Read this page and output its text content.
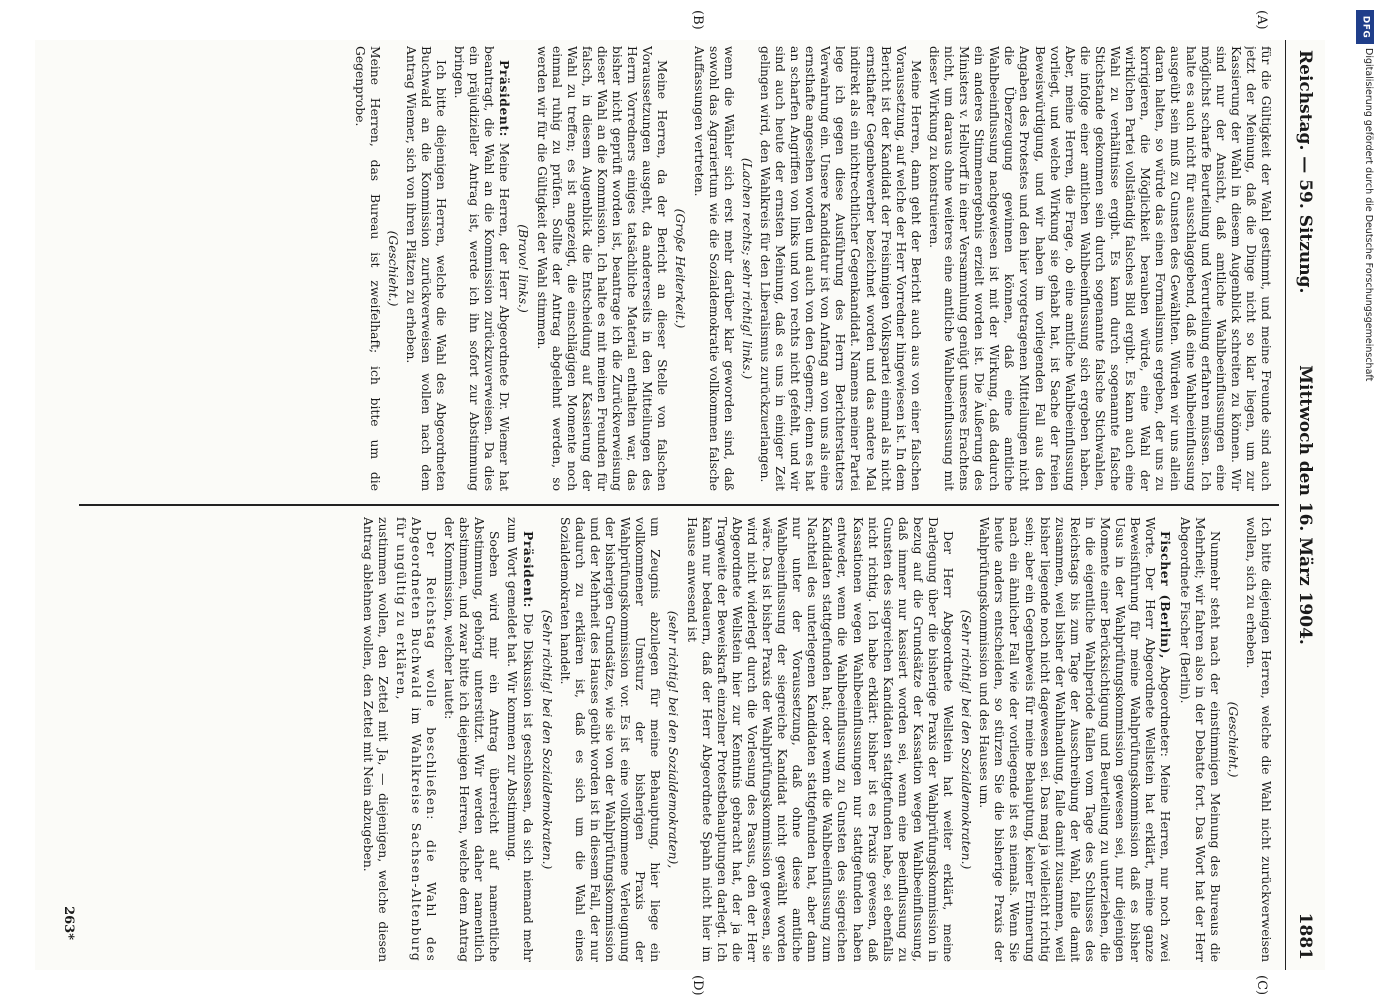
Reichstag. — 59. Sitzung.
Mittwoch den 16. März 1904.
1881
(A)
(B)
(C)
(D)

für die Gültigkeit der Wahl gestimmt, und meine Freunde sind auch jetzt der Meinung, daß die Dinge nicht so klar liegen, um zur Kassierung der Wahl in diesem Augenblick schreiten zu können. Wir sind nur der Ansicht, daß amtliche Wahlbeeinflussungen eine möglichst scharfe Beurteilung und Verurteilung erfahren müssen. Ich halte es auch nicht für ausschlaggebend, daß eine Wahlbeeinflussung ausgeübt sein muß zu Gunsten des Gewählten. Würden wir uns allein daran halten, so würde das einen Formalismus ergeben, der uns zu korrigieren, die Möglichkeit berauben würde, eine Wahl der wirklichen Partei vollständig falsches Bild ergibt. Es kann auch eine Wahl zu verhältnisse ergibt. Es kann durch sogenannte falsche Stichstande gekommen sein durch sogenannte falsche Stichwahlen, die infolge einer amtlichen Wahlbeeinflussung sich ergeben haben. Aber, meine Herren, die Frage, ob eine amtliche Wahlbeeinflussung vorliegt, und welche Wirkung sie gehabt hat, ist Sache der freien Beweiswürdigung, und wir haben im vorliegenden Fall aus den Angaben des Protestes und den hier vorgetragenen Mitteilungen nicht die Überzeugung gewinnen können, daß eine amtliche Wahlbeeinflussung nachgewiesen ist mit der Wirkung, daß dadurch ein anderes Stimmenergebnis erzielt worden ist. Die Äußerung des Ministers v. Hellvorff in einer Versammlung genügt unseres Erachtens nicht, um daraus ohne weiteres eine amtliche Wahlbeeinflussung mit dieser Wirkung zu konstruieren.

Meine Herren, dann geht der Bericht auch aus von einer falschen Voraussetzung, auf welche der Herr Vorredner hingewiesen ist. In dem Bericht ist der Kandidat der Freisinnigen Volkspartei einmal als nicht ernsthafter Gegenbewerber bezeichnet worden und das andere Mal indirekt als ein nichtrechtlicher Gegenkandidat. Namens meiner Partei lege ich gegen diese Ausführung des Herrn Berichterstatters Verwahrung ein. Unsere Kandidatur ist von Anfang an von uns als eine ernsthafte angesehen worden und auch von den Gegnern; denn es hat an scharfen Angriffen von links und von rechts nicht gefehlt, und wir sind auch heute der ernsten Meinung, daß es uns in einiger Zeit gelingen wird, den Wahlkreis für den Liberalismus zurückzuerlangen.

(Lachen rechts; sehr richtig! links.)

wenn die Wähler sich erst mehr darüber klar geworden sind, daß sowohl das Agrariertum wie die Sozialdemokratie vollkommen falsche Auffassungen vertreten.

(Große Heiterkeit.)

Meine Herren, da der Bericht an dieser Stelle von falschen Voraussetzungen ausgeht, da andererseits in den Mitteilungen des Herrn Vorredners einiges tatsächliche Material enthalten war, das bisher nicht geprüft worden ist, beantrage ich die Zurückverweisung dieser Wahl an die Kommission. Ich halte es mit meinen Freunden für falsch, in diesem Augenblick die Entscheidung auf Kassierung der Wahl zu treffen; es ist angezeigt, die einschlägigen Momente noch einmal ruhig zu prüfen. Sollte der Antrag abgelehnt werden, so werden wir für die Gültigkeit der Wahl stimmen.

(Bravo! links.)

Präsident: Meine Herren, der Herr Abgeordnete Dr. Wiemer hat beantragt, die Wahl an die Kommission zurückzuverweisen. Da dies ein präjudizieller Antrag ist, werde ich ihn sofort zur Abstimmung bringen.

Ich bitte diejenigen Herren, welche die Wahl des Abgeordneten Buchwald an die Kommission zurückverweisen wollen nach dem Antrag Wiemer, sich von ihren Plätzen zu erheben.

(Geschieht.)

Meine Herren, das Bureau ist zweifelhaft; ich bitte um die Gegenprobe.

Ich bitte diejenigen Herren, welche die Wahl nicht zurückverweisen wollen, sich zu erheben.

(Geschieht.)

Nunmehr steht nach der einstimmigen Meinung des Bureaus die Mehrheit; wir fahren also in der Debatte fort. Das Wort hat der Herr Abgeordnete Fischer (Berlin).

Fischer (Berlin), Abgeordneter: Meine Herren, nur noch zwei Worte. Der Herr Abgeordnete Wellstein hat erklärt, meine ganze Beweisführung für meine Wahlprüfungskommission daß es bisher Usus in der Wahlprüfungskommission gewesen sei, nur diejenigen Momente einer Berücksichtigung und Beurteilung zu unterziehen, die in die eigentliche Wahlperiode fallen vom Tage des Schlusses des Reichstags bis zum Tage der Ausschreibung der Wahl, falle damit zusammen, weil bisher der Wahlhandlung, falle damit zusammen, weil bisher liegende noch nicht dagewesen sei. Das mag ja vielleicht richtig sein; aber ein Gegenbeweis für meine Behauptung, keiner Erinnerung nach ein ähnlicher Fall wie der vorliegende ist es niemals. Wenn Sie heute anders entscheiden, so stürzen Sie die bisherige Praxis der Wahlprüfungskommission und des Hauses um.

(Sehr richtig! bei den Sozialdemokraten.)

Der Herr Abgeordnete Wellstein hat weiter erklärt, meine Darlegung über die bisherige Praxis der Wahlprüfungskommission in bezug auf die Grundsätze der Kassation wegen Wahlbeeinflussung, daß immer nur kassiert worden sei, wenn eine Beeinflussung zu Gunsten des siegreichen Kandidaten stattgefunden habe, sei ebenfalls nicht richtig. Ich habe erklärt: bisher ist es Praxis gewesen, daß Kassationen wegen Wahlbeeinflussungen nur stattgefunden haben entweder, wenn die Wahlbeeinflussung zu Gunsten des siegreichen Kandidaten stattgefunden hat; oder wenn die Wahlbeeinflussung zum Nachteil des unterlegenen Kandidaten stattgefunden hat, aber dann nur unter der Voraussetzung, daß ohne diese amtliche Wahlbeeinflussung der siegreiche Kandidat nicht gewählt worden wäre. Das ist bisher Praxis der Wahlprüfungskommission gewesen, sie wird nicht widerlegt durch die Vorlesung des Passus, den der Herr Abgeordnete Wellstein hier zur Kenntnis gebracht hat, der ja die Tragweite der Beweiskraft einzelner Protestbehauptungen darlegt. Ich kann nur bedauern, daß der Herr Abgeordnete Spahn nicht hier im Hause anwesend ist

(sehr richtig! bei den Sozialdemokraten),

um Zeugnis abzulegen für meine Behauptung, hier liege ein vollkommener Umsturz der bisherigen Praxis der Wahlprüfungskommission vor. Es ist eine vollkommene Verleugnung der bisherigen Grundsätze, wie sie von der Wahlprüfungskommission und der Mehrheit des Hauses geübt worden ist in diesem Fall, der nur dadurch zu erklären ist, daß es sich um die Wahl eines Sozialdemokraten handelt.

(Sehr richtig! bei den Sozialdemokraten.)

Präsident: Die Diskussion ist geschlossen, da sich niemand mehr zum Wort gemeldet hat. Wir kommen zur Abstimmung.

Soeben wird mir ein Antrag überreicht auf namentliche Abstimmung, gehörig unterstützt. Wir werden daher namentlich abstimmen, und zwar bitte ich diejenigen Herren, welche dem Antrag der Kommission, welcher lautet:

Der Reichstag wolle beschließen: die Wahl des Abgeordneten Buchwald im Wahlkreise Sachsen-Altenburg für ungültig zu erklären,

zustimmen wollen, den Zettel mit Ja, — diejenigen, welche diesen Antrag ablehnen wollen, den Zettel mit Nein abzugeben.

263*
DFG
Digitalisierung gefördert durch die Deutsche Forschungsgemeinschaft
